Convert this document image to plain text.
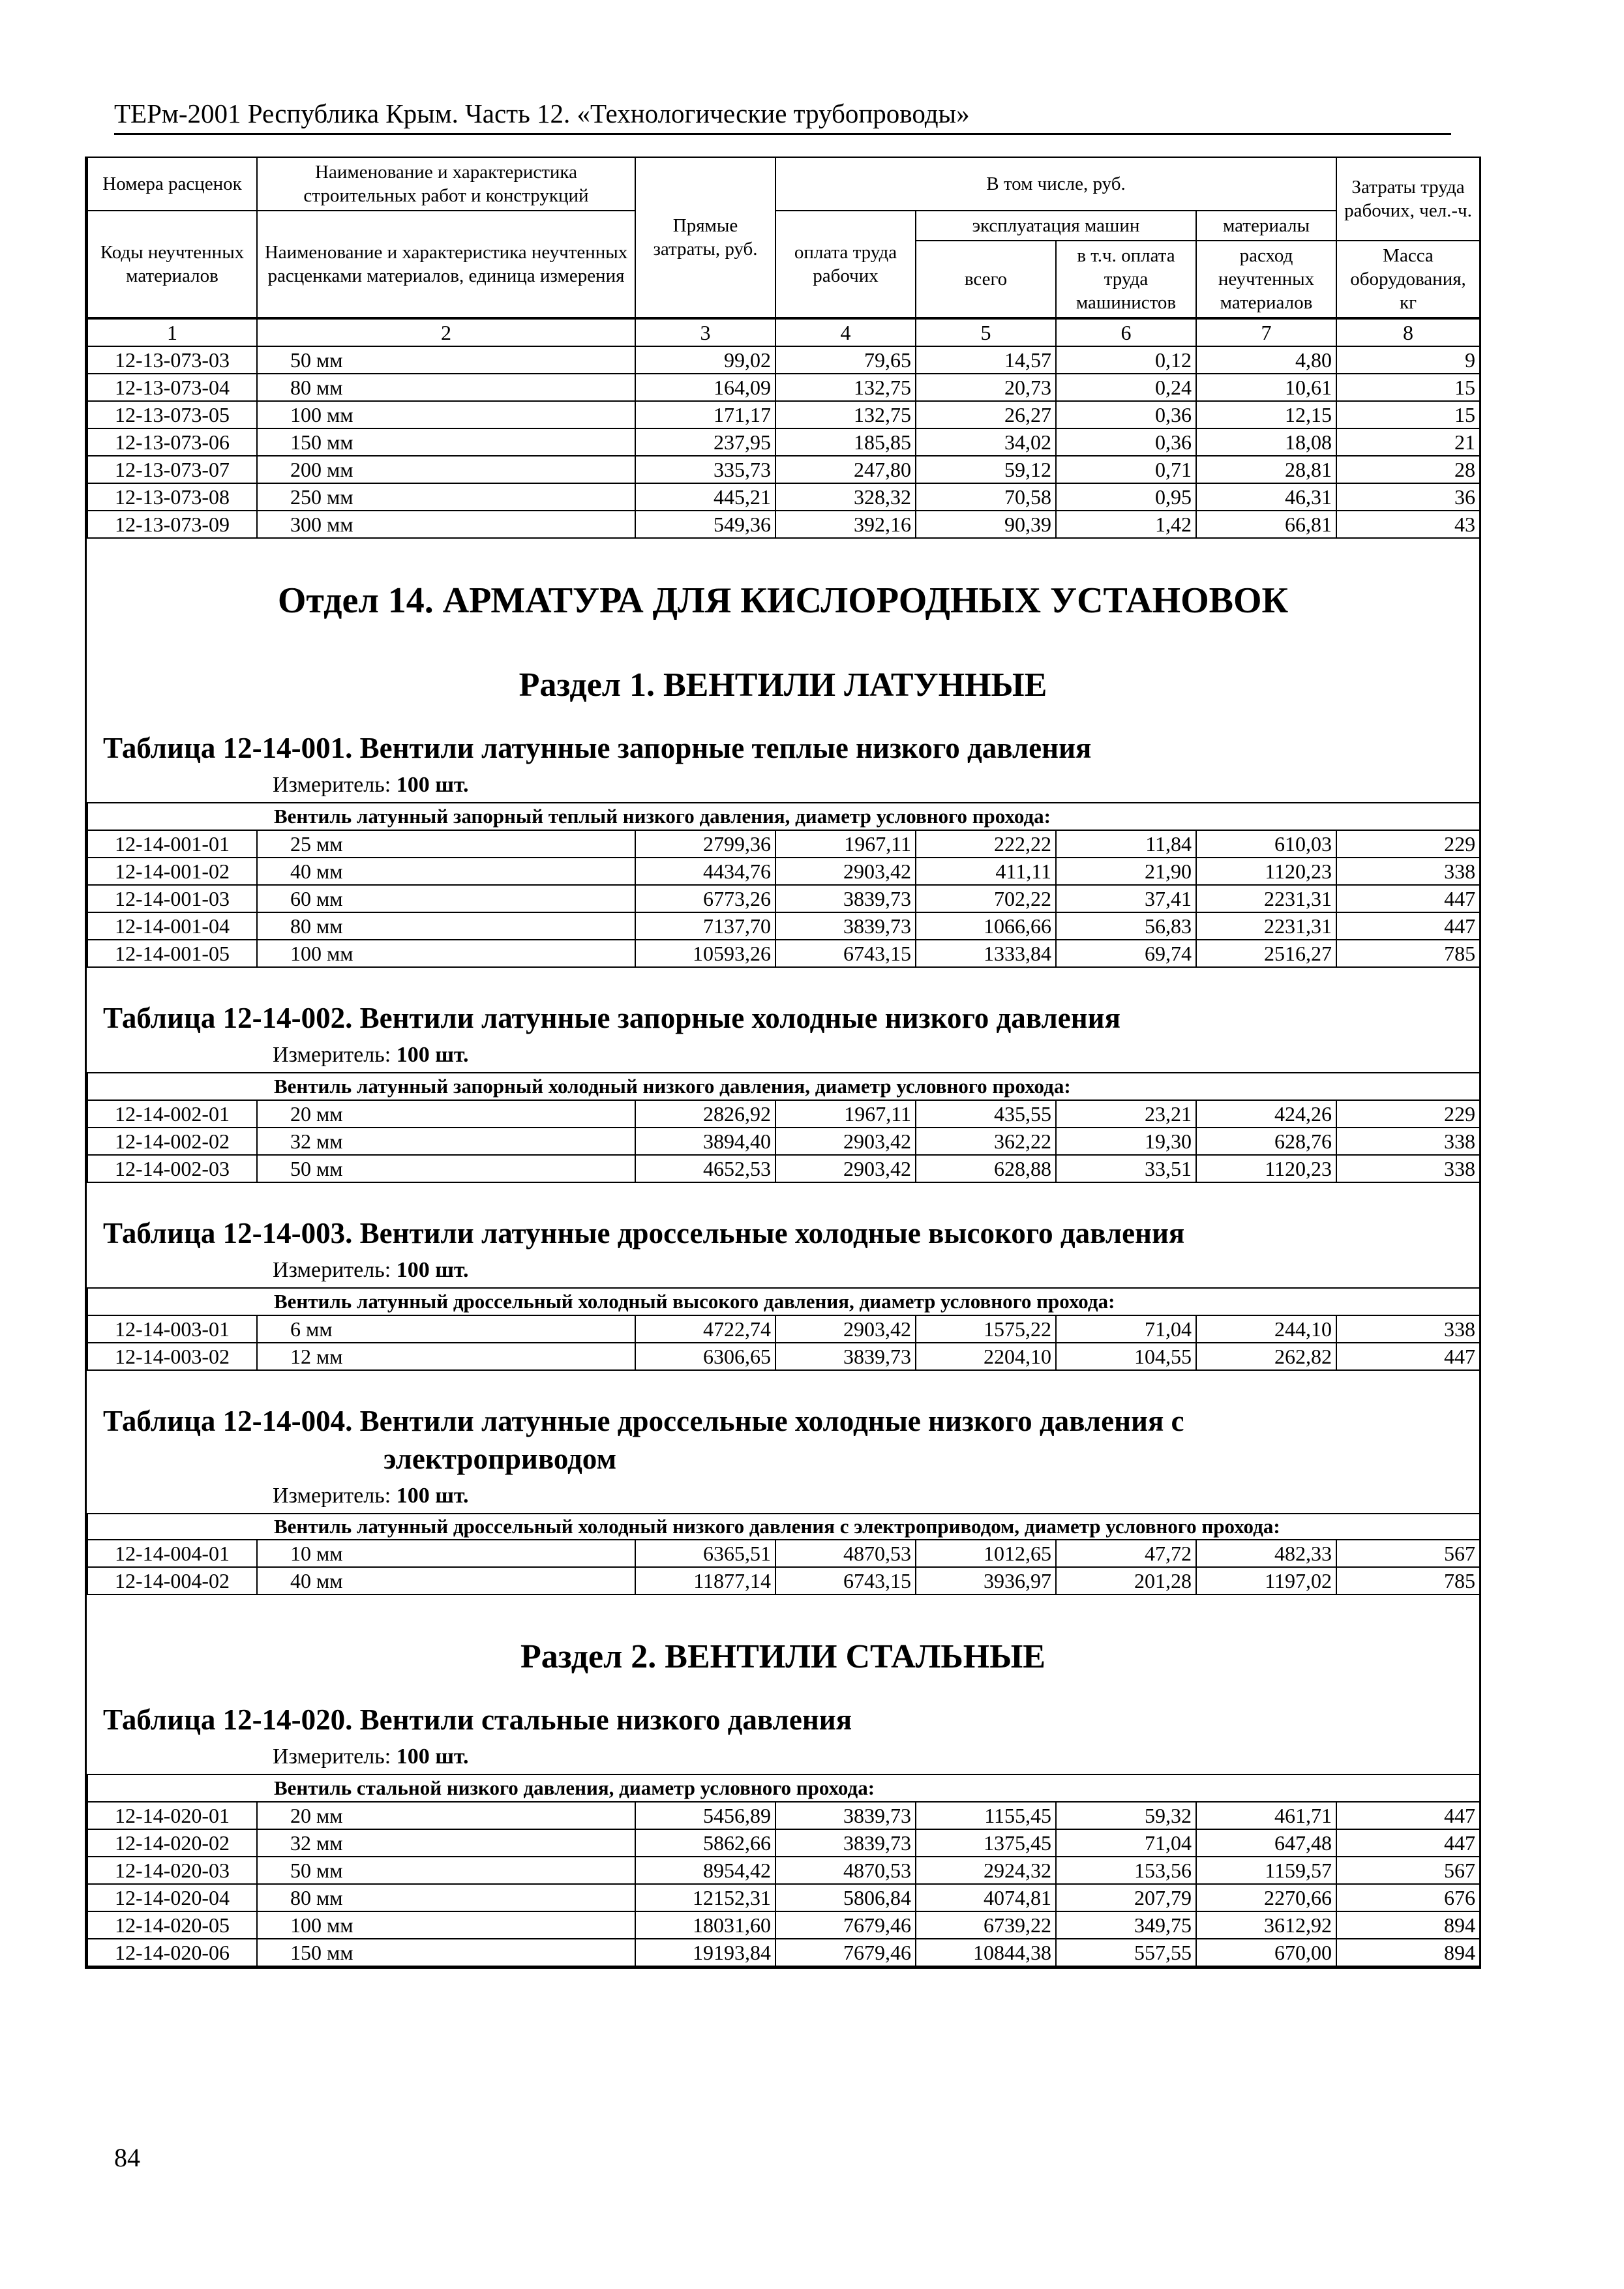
ТЕРм-2001 Республика Крым. Часть 12. «Технологические трубопроводы»
Номера расценок	Наименование и характеристика строительных работ и конструкций	Прямые затраты, руб.	В том числе, руб.				Затраты труда рабочих, чел.-ч.
Коды неучтенных материалов	Наименование и характеристика неучтенных расценками материалов, единица измерения		оплата труда рабочих	эксплуатация машин		материалы	
				всего	в т.ч. оплата труда машинистов	расход неучтенных материалов	Масса оборудования, кг
1	2	3	4	5	6	7	8
12-13-073-03	50 мм	99,02	79,65	14,57	0,12	4,80	9
12-13-073-04	80 мм	164,09	132,75	20,73	0,24	10,61	15
12-13-073-05	100 мм	171,17	132,75	26,27	0,36	12,15	15
12-13-073-06	150 мм	237,95	185,85	34,02	0,36	18,08	21
12-13-073-07	200 мм	335,73	247,80	59,12	0,71	28,81	28
12-13-073-08	250 мм	445,21	328,32	70,58	0,95	46,31	36
12-13-073-09	300 мм	549,36	392,16	90,39	1,42	66,81	43
Отдел 14. АРМАТУРА ДЛЯ КИСЛОРОДНЫХ УСТАНОВОК
Раздел 1. ВЕНТИЛИ ЛАТУННЫЕ
Таблица 12-14-001. Вентили латунные запорные теплые низкого давления
Измеритель: 100 шт.
Вентиль латунный запорный теплый низкого давления, диаметр условного прохода:							
12-14-001-01	25 мм	2799,36	1967,11	222,22	11,84	610,03	229
12-14-001-02	40 мм	4434,76	2903,42	411,11	21,90	1120,23	338
12-14-001-03	60 мм	6773,26	3839,73	702,22	37,41	2231,31	447
12-14-001-04	80 мм	7137,70	3839,73	1066,66	56,83	2231,31	447
12-14-001-05	100 мм	10593,26	6743,15	1333,84	69,74	2516,27	785
Таблица 12-14-002. Вентили латунные запорные холодные низкого давления
Измеритель: 100 шт.
Вентиль латунный запорный холодный низкого давления, диаметр условного прохода:							
12-14-002-01	20 мм	2826,92	1967,11	435,55	23,21	424,26	229
12-14-002-02	32 мм	3894,40	2903,42	362,22	19,30	628,76	338
12-14-002-03	50 мм	4652,53	2903,42	628,88	33,51	1120,23	338
Таблица 12-14-003. Вентили латунные дроссельные холодные высокого давления
Измеритель: 100 шт.
Вентиль латунный дроссельный холодный высокого давления, диаметр условного прохода:							
12-14-003-01	6 мм	4722,74	2903,42	1575,22	71,04	244,10	338
12-14-003-02	12 мм	6306,65	3839,73	2204,10	104,55	262,82	447
Таблица 12-14-004. Вентили латунные дроссельные холодные низкого давления с
электроприводом
Измеритель: 100 шт.
Вентиль латунный дроссельный холодный низкого давления с электроприводом, диаметр условного прохода:							
12-14-004-01	10 мм	6365,51	4870,53	1012,65	47,72	482,33	567
12-14-004-02	40 мм	11877,14	6743,15	3936,97	201,28	1197,02	785
Раздел 2. ВЕНТИЛИ СТАЛЬНЫЕ
Таблица 12-14-020. Вентили стальные низкого давления
Измеритель: 100 шт.
Вентиль стальной низкого давления, диаметр условного прохода:							
12-14-020-01	20 мм	5456,89	3839,73	1155,45	59,32	461,71	447
12-14-020-02	32 мм	5862,66	3839,73	1375,45	71,04	647,48	447
12-14-020-03	50 мм	8954,42	4870,53	2924,32	153,56	1159,57	567
12-14-020-04	80 мм	12152,31	5806,84	4074,81	207,79	2270,66	676
12-14-020-05	100 мм	18031,60	7679,46	6739,22	349,75	3612,92	894
12-14-020-06	150 мм	19193,84	7679,46	10844,38	557,55	670,00	894
84
